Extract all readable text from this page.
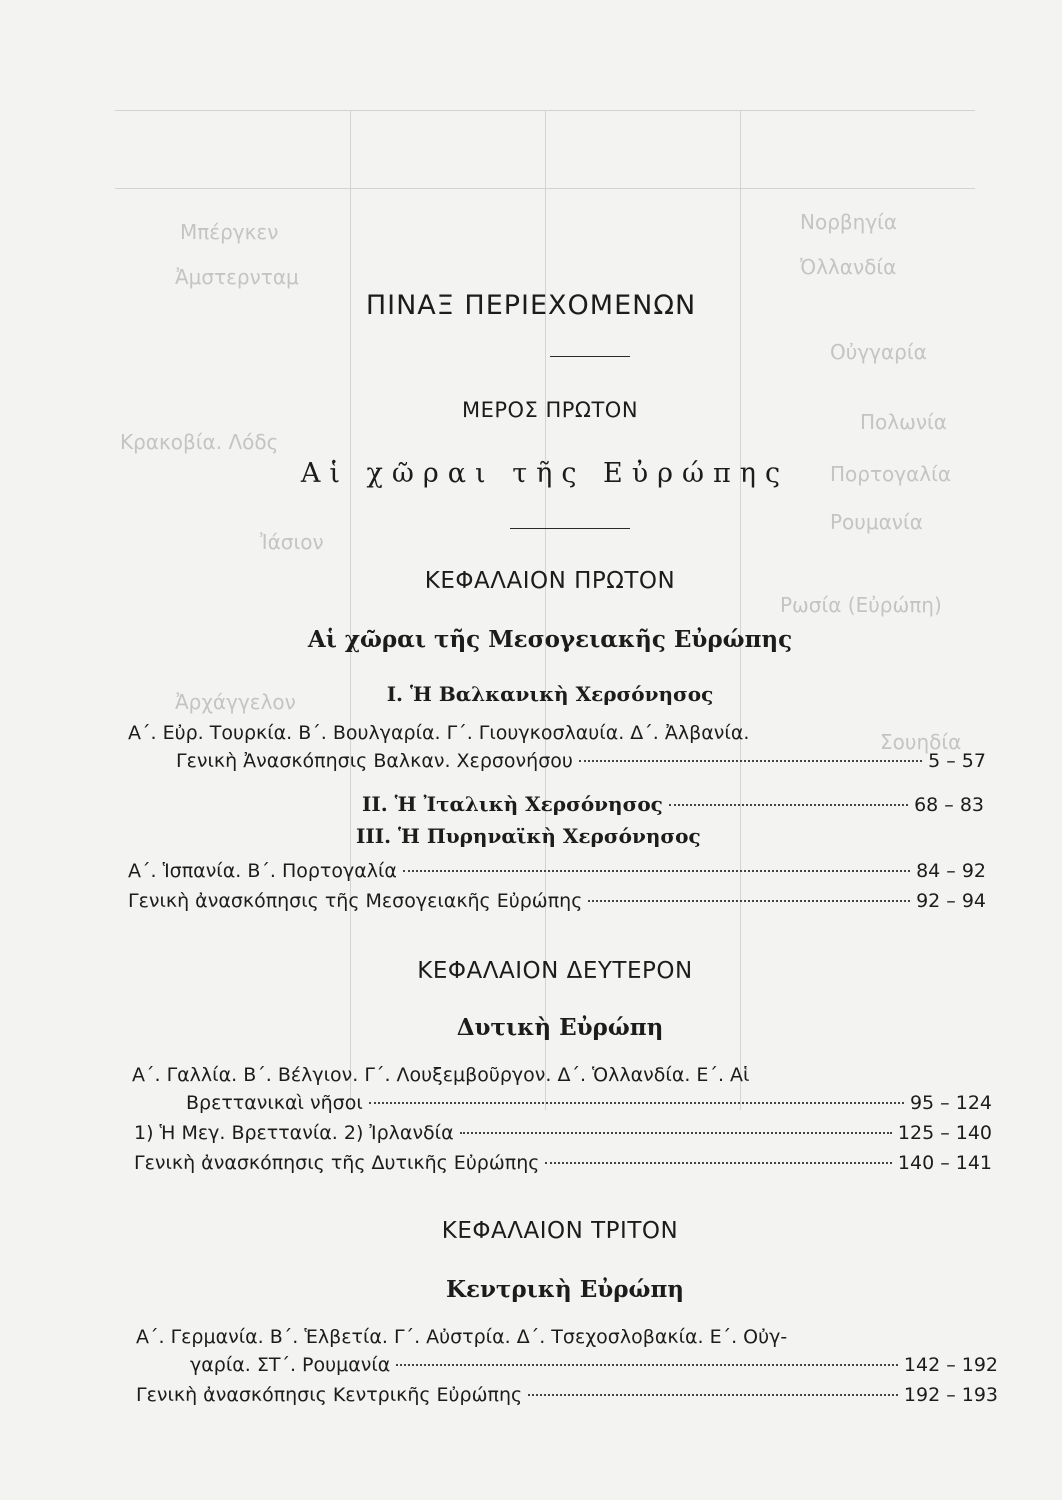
Νορβηγία
Ὀλλανδία
Οὐγγαρία
Πολωνία
Πορτογαλία
Ρουμανία
Ρωσία (Εὐρώπη)
Σουηδία
Μπέργκεν
Ἀμστερνταμ
Κρακοβία. Λόδς
Ἰάσιον
Ἀρχάγγελον
ΠΙΝΑΞ ΠΕΡΙΕΧΟΜΕΝΩΝ
ΜΕΡΟΣ ΠΡΩΤΟΝ
Αἱ χῶραι τῆς Εὐρώπης
ΚΕΦΑΛΑΙΟΝ ΠΡΩΤΟΝ
Αἱ χῶραι τῆς Μεσογειακῆς Εὐρώπης
I. Ἡ Βαλκανικὴ Χερσόνησος
Α΄. Εὐρ. Τουρκία. Β΄. Βουλγαρία. Γ΄. Γιουγκοσλαυία. Δ΄. Ἀλβανία.
Γενικὴ Ἀνασκόπησις Βαλκαν. Χερσονήσου	5 – 57
II. Ἡ Ἰταλικὴ Χερσόνησος	68 – 83
III. Ἡ Πυρηναϊκὴ Χερσόνησος
Α΄. Ἱσπανία. Β΄. Πορτογαλία	84 – 92
Γενικὴ ἀνασκόπησις τῆς Μεσογειακῆς Εὐρώπης	92 – 94
ΚΕΦΑΛΑΙΟΝ ΔΕΥΤΕΡΟΝ
Δυτικὴ Εὐρώπη
Α΄. Γαλλία. Β΄. Βέλγιον. Γ΄. Λουξεμβοῦργον. Δ΄. Ὁλλανδία. Ε΄. Αἱ
Βρεττανικαὶ νῆσοι	95 – 124
1) Ἡ Μεγ. Βρεττανία. 2) Ἰρλανδία	125 – 140
Γενικὴ ἀνασκόπησις τῆς Δυτικῆς Εὐρώπης	140 – 141
ΚΕΦΑΛΑΙΟΝ ΤΡΙΤΟΝ
Κεντρικὴ Εὐρώπη
Α΄. Γερμανία. Β΄. Ἑλβετία. Γ΄. Αὐστρία. Δ΄. Τσεχοσλοβακία. Ε΄. Οὐγ-
γαρία. ΣΤ΄. Ρουμανία	142 – 192
Γενικὴ ἀνασκόπησις Κεντρικῆς Εὐρώπης	192 – 193
